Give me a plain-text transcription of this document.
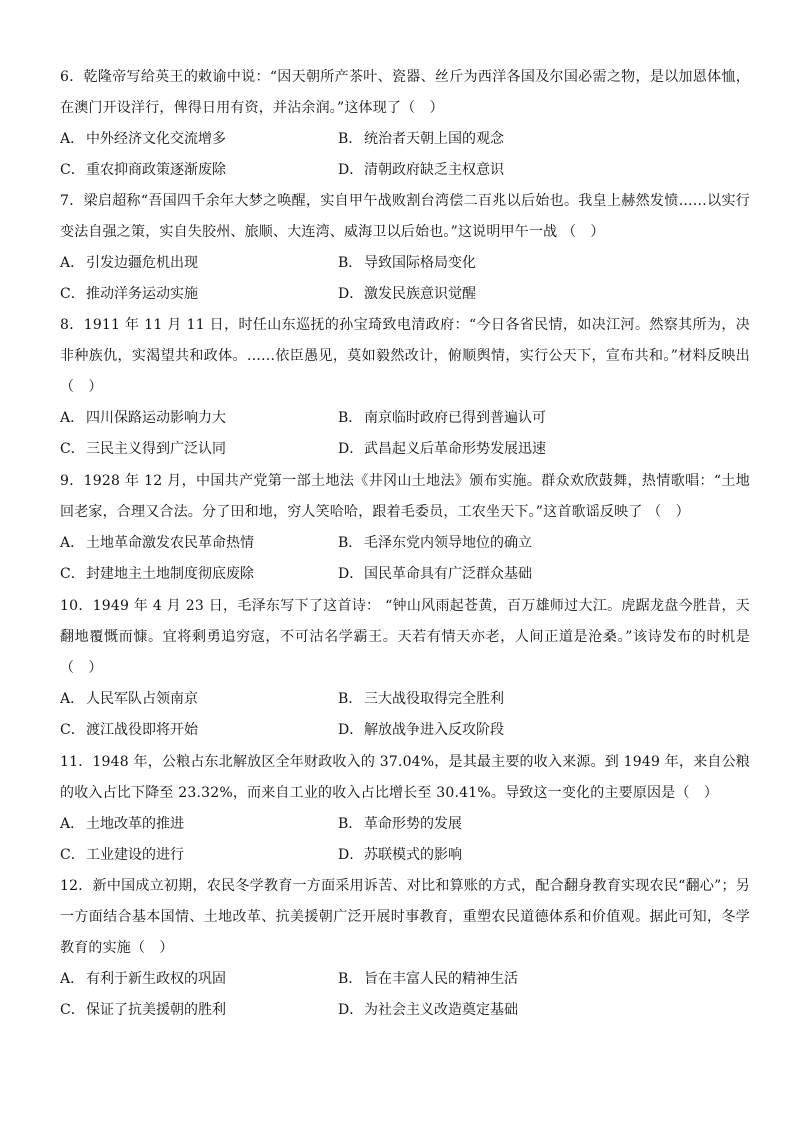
6．乾隆帝写给英王的敕谕中说：“因天朝所产茶叶、瓷器、丝斤为西洋各国及尔国必需之物，是以加恩体恤，在澳门开设洋行，俾得日用有资，并沾余润。”这体现了（　）

A． 中外经济文化交流增多	B． 统治者天朝上国的观念
C．重农抑商政策逐渐废除	D．清朝政府缺乏主权意识

7．梁启超称“吾国四千余年大梦之唤醒，实自甲午战败割台湾偿二百兆以后始也。我皇上赫然发愤……以实行变法自强之策，实自失胶州、旅顺、大连湾、威海卫以后始也。”这说明甲午一战 （　）

A． 引发边疆危机出现	B． 导致国际格局变化
C．推动洋务运动实施	D．激发民族意识觉醒

8．1911 年 11 月 11 日，时任山东巡抚的孙宝琦致电清政府：“今日各省民情，如决江河。然察其所为，决非种族仇，实渴望共和政体。……依臣愚见，莫如毅然改计，俯顺舆情，实行公天下，宣布共和。”材料反映出（　）

A． 四川保路运动影响力大	B． 南京临时政府已得到普遍认可
C．三民主义得到广泛认同	D．武昌起义后革命形势发展迅速

9．1928 年 12 月，中国共产党第一部土地法《井冈山土地法》颁布实施。群众欢欣鼓舞，热情歌唱：“土地回老家，合理又合法。分了田和地，穷人笑哈哈，跟着毛委员，工农坐天下。”这首歌谣反映了 （　）

A． 土地革命激发农民革命热情	B． 毛泽东党内领导地位的确立
C．封建地主土地制度彻底废除	D．国民革命具有广泛群众基础

10．1949 年 4 月 23 日，毛泽东写下了这首诗： “钟山风雨起苍黄，百万雄师过大江。虎踞龙盘今胜昔，天翻地覆慨而慷。宜将剩勇追穷寇，不可沽名学霸王。天若有情天亦老，人间正道是沧桑。”该诗发布的时机是（　）

A． 人民军队占领南京	B． 三大战役取得完全胜利
C．渡江战役即将开始	D．解放战争进入反攻阶段

11．1948 年，公粮占东北解放区全年财政收入的 37.04%，是其最主要的收入来源。到 1949 年，来自公粮的收入占比下降至 23.32%，而来自工业的收入占比增长至 30.41%。导致这一变化的主要原因是（　）

A． 土地改革的推进	B． 革命形势的发展
C．工业建设的进行	D．苏联模式的影响

12．新中国成立初期，农民冬学教育一方面采用诉苦、对比和算账的方式，配合翻身教育实现农民“翻心”；另一方面结合基本国情、土地改革、抗美援朝广泛开展时事教育，重塑农民道德体系和价值观。据此可知，冬学教育的实施（　）

A． 有利于新生政权的巩固	B． 旨在丰富人民的精神生活
C．保证了抗美援朝的胜利	D．为社会主义改造奠定基础
